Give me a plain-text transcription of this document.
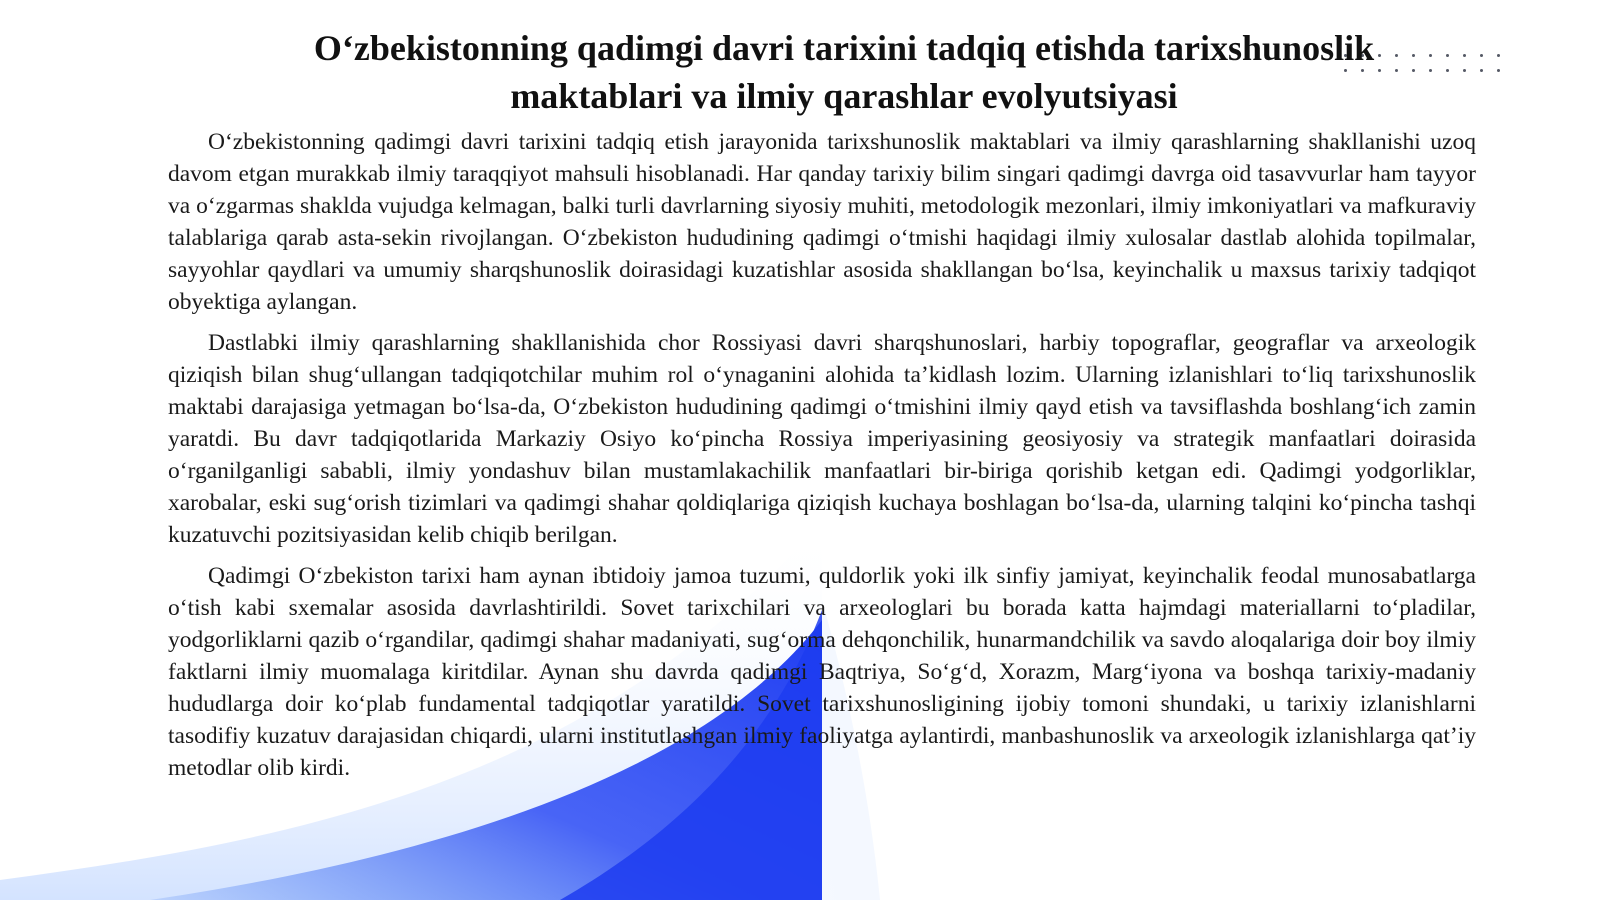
O‘zbekistonning qadimgi davri tarixini tadqiq etishda tarixshunoslik
maktablari va ilmiy qarashlar evolyutsiyasi

O‘zbekistonning qadimgi davri tarixini tadqiq etish jarayonida tarixshunoslik maktablari va ilmiy qarashlarning shakllanishi uzoq davom etgan murakkab ilmiy taraqqiyot mahsuli hisoblanadi. Har qanday tarixiy bilim singari qadimgi davrga oid tasavvurlar ham tayyor va o‘zgarmas shaklda vujudga kelmagan, balki turli davrlarning siyosiy muhiti, metodologik mezonlari, ilmiy imkoniyatlari va mafkuraviy talablariga qarab asta-sekin rivojlangan. O‘zbekiston hududining qadimgi o‘tmishi haqidagi ilmiy xulosalar dastlab alohida topilmalar, sayyohlar qaydlari va umumiy sharqshunoslik doirasidagi kuzatishlar asosida shakllangan bo‘lsa, keyinchalik u maxsus tarixiy tadqiqot obyektiga aylangan.

Dastlabki ilmiy qarashlarning shakllanishida chor Rossiyasi davri sharqshunoslari, harbiy topograflar, geograflar va arxeologik qiziqish bilan shug‘ullangan tadqiqotchilar muhim rol o‘ynaganini alohida ta’kidlash lozim. Ularning izlanishlari to‘liq tarixshunoslik maktabi darajasiga yetmagan bo‘lsa-da, O‘zbekiston hududining qadimgi o‘tmishini ilmiy qayd etish va tavsiflashda boshlang‘ich zamin yaratdi. Bu davr tadqiqotlarida Markaziy Osiyo ko‘pincha Rossiya imperiyasining geosiyosiy va strategik manfaatlari doirasida o‘rganilganligi sababli, ilmiy yondashuv bilan mustamlakachilik manfaatlari bir-biriga qorishib ketgan edi. Qadimgi yodgorliklar, xarobalar, eski sug‘orish tizimlari va qadimgi shahar qoldiqlariga qiziqish kuchaya boshlagan bo‘lsa-da, ularning talqini ko‘pincha tashqi kuzatuvchi pozitsiyasidan kelib chiqib berilgan.

Qadimgi O‘zbekiston tarixi ham aynan ibtidoiy jamoa tuzumi, quldorlik yoki ilk sinfiy jamiyat, keyinchalik feodal munosabatlarga o‘tish kabi sxemalar asosida davrlashtirildi. Sovet tarixchilari va arxeologlari bu borada katta hajmdagi materiallarni to‘pladilar, yodgorliklarni qazib o‘rgandilar, qadimgi shahar madaniyati, sug‘orma dehqonchilik, hunarmandchilik va savdo aloqalariga doir boy ilmiy faktlarni ilmiy muomalaga kiritdilar. Aynan shu davrda qadimgi Baqtriya, So‘g‘d, Xorazm, Marg‘iyona va boshqa tarixiy-madaniy hududlarga doir ko‘plab fundamental tadqiqotlar yaratildi. Sovet tarixshunosligining ijobiy tomoni shundaki, u tarixiy izlanishlarni tasodifiy kuzatuv darajasidan chiqardi, ularni institutlashgan ilmiy faoliyatga aylantirdi, manbashunoslik va arxeologik izlanishlarga qat’iy metodlar olib kirdi.
